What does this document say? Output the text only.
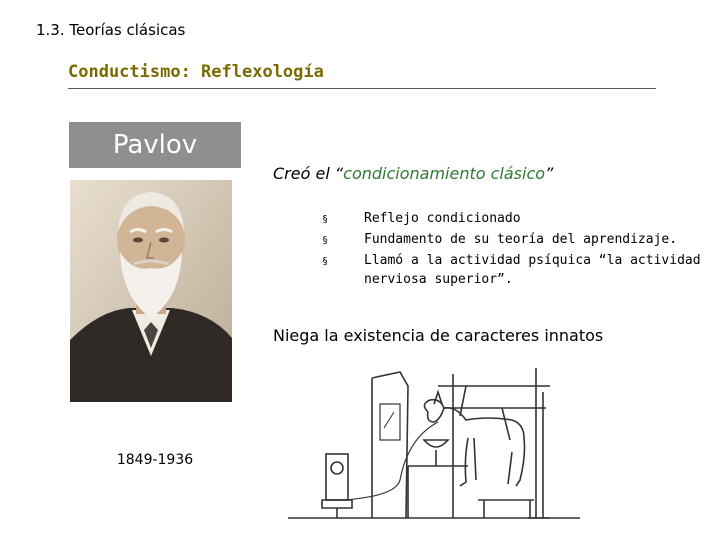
1.3. Teorías clásicas
Conductismo: Reflexología
Pavlov
1849-1936
Creó el “condicionamiento clásico”
§	Reflejo condicionado
§	Fundamento de su teoría del aprendizaje.
§	Llamó a la actividad psíquica “la actividad nerviosa superior”.
Niega la existencia de caracteres innatos
